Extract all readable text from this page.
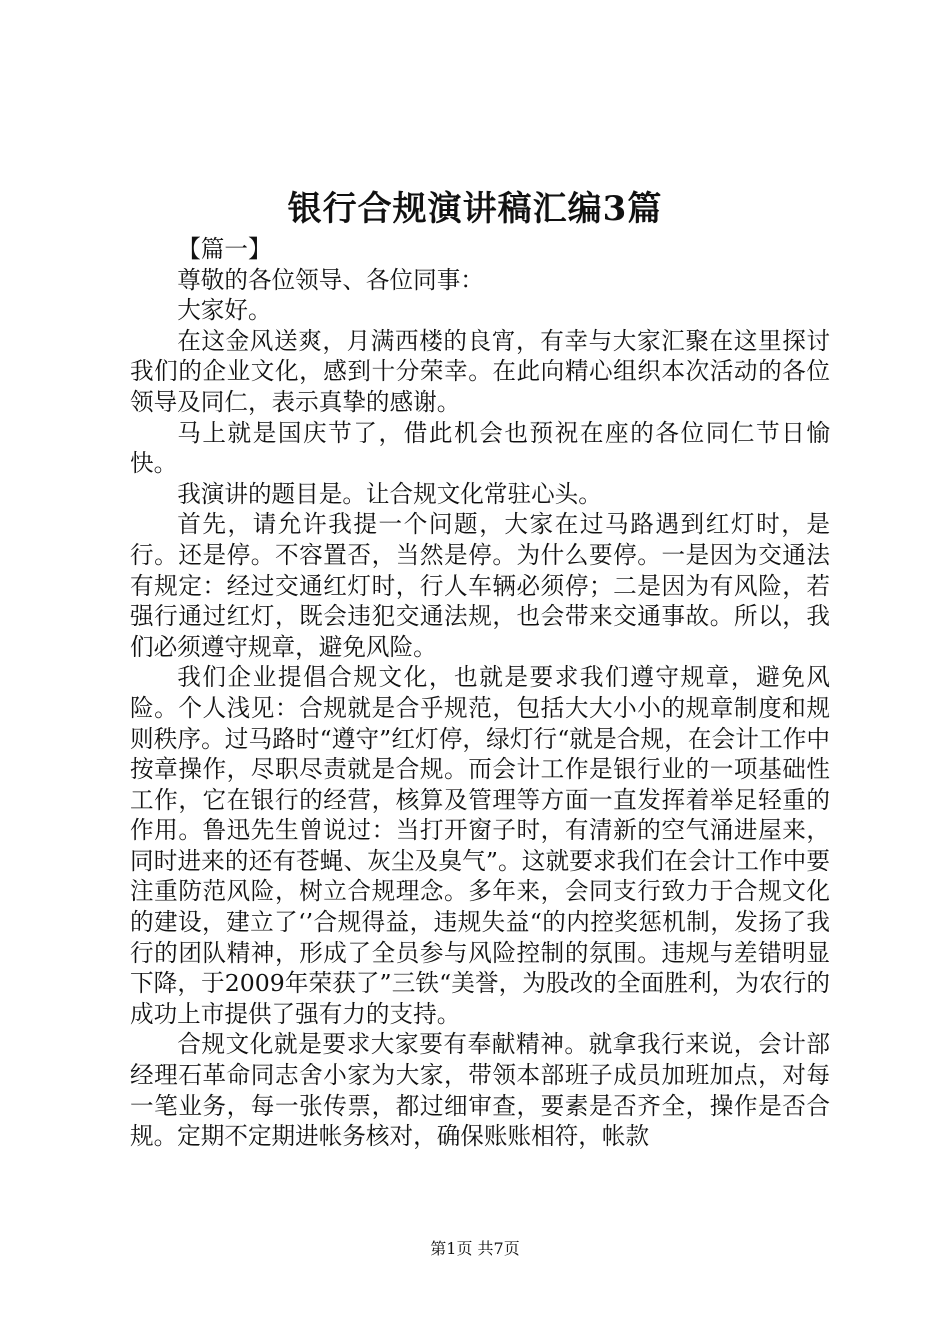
银行合规演讲稿汇编3篇

【篇一】

尊敬的各位领导、各位同事：

大家好。

在这金风送爽，月满西楼的良宵，有幸与大家汇聚在这里探讨我们的企业文化，感到十分荣幸。在此向精心组织本次活动的各位领导及同仁，表示真挚的感谢。

马上就是国庆节了，借此机会也预祝在座的各位同仁节日愉快。

我演讲的题目是。让合规文化常驻心头。

首先，请允许我提一个问题，大家在过马路遇到红灯时，是行。还是停。不容置否，当然是停。为什么要停。一是因为交通法有规定：经过交通红灯时，行人车辆必须停；二是因为有风险，若强行通过红灯，既会违犯交通法规，也会带来交通事故。所以，我们必须遵守规章，避免风险。

我们企业提倡合规文化，也就是要求我们遵守规章，避免风险。个人浅见：合规就是合乎规范，包括大大小小的规章制度和规则秩序。过马路时“遵守”红灯停，绿灯行“就是合规，在会计工作中按章操作，尽职尽责就是合规。而会计工作是银行业的一项基础性工作，它在银行的经营，核算及管理等方面一直发挥着举足轻重的作用。鲁迅先生曾说过：当打开窗子时，有清新的空气涌进屋来，同时进来的还有苍蝇、灰尘及臭气”。这就要求我们在会计工作中要注重防范风险，树立合规理念。多年来，会同支行致力于合规文化的建设，建立了‘’合规得益，违规失益“的内控奖惩机制，发扬了我行的团队精神，形成了全员参与风险控制的氛围。违规与差错明显下降，于2009年荣获了”三铁“美誉，为股改的全面胜利，为农行的成功上市提供了强有力的支持。

合规文化就是要求大家要有奉献精神。就拿我行来说，会计部经理石革命同志舍小家为大家，带领本部班子成员加班加点，对每一笔业务，每一张传票，都过细审查，要素是否齐全，操作是否合规。定期不定期进帐务核对，确保账账相符，帐款

第1页 共7页
